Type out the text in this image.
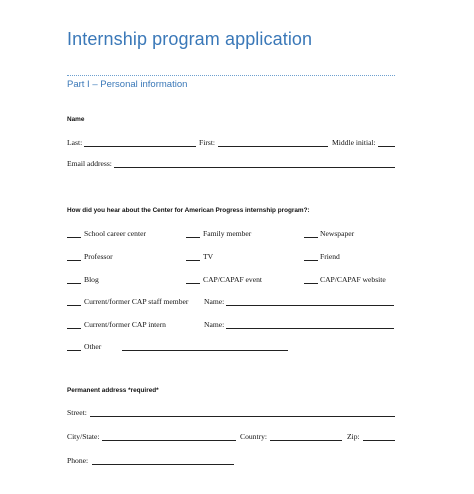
Internship program application
Part I – Personal information
Name
Last:	First:	Middle initial:
Email address:
How did you hear about the Center for American Progress internship program?:
School career center	Family member	Newspaper
Professor	TV	Friend
Blog	CAP/CAPAF event	CAP/CAPAF website
Current/former CAP staff member Name:
Current/former CAP intern	Name:
Other
Permanent address *required*
Street:
City/State:	Country:	Zip:
Phone:
